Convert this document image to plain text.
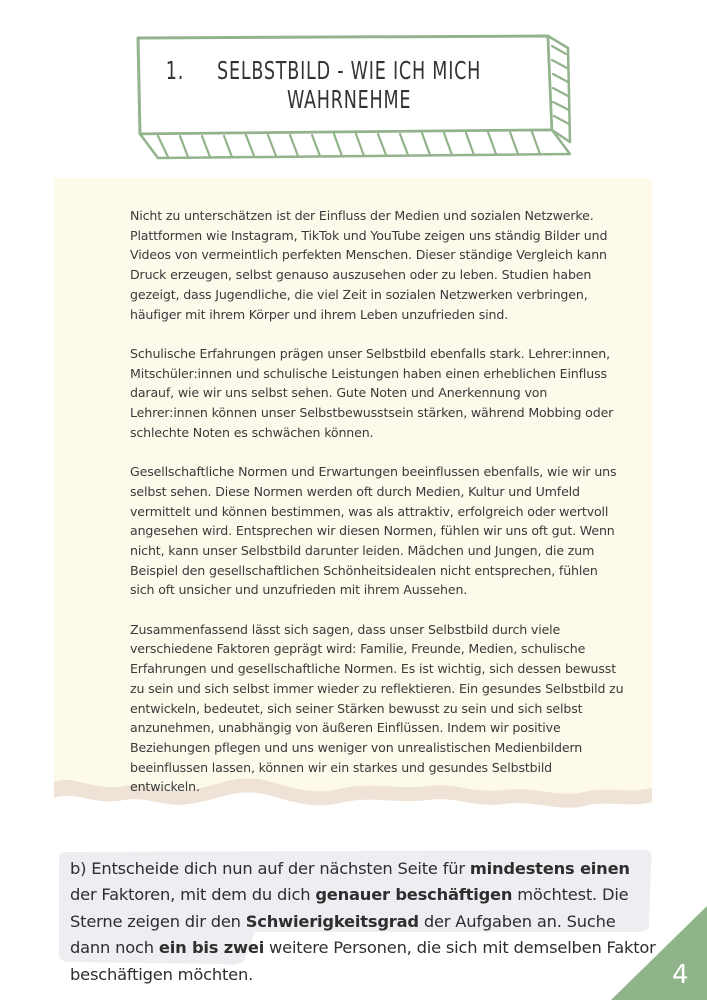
1.	SELBSTBILD - WIE ICH MICH WAHRNEHME

Nicht zu unterschätzen ist der Einfluss der Medien und sozialen Netzwerke. Plattformen wie Instagram, TikTok und YouTube zeigen uns ständig Bilder und Videos von vermeintlich perfekten Menschen. Dieser ständige Vergleich kann Druck erzeugen, selbst genauso auszusehen oder zu leben. Studien haben gezeigt, dass Jugendliche, die viel Zeit in sozialen Netzwerken verbringen, häufiger mit ihrem Körper und ihrem Leben unzufrieden sind.

Schulische Erfahrungen prägen unser Selbstbild ebenfalls stark. Lehrer:innen, Mitschüler:innen und schulische Leistungen haben einen erheblichen Einfluss darauf, wie wir uns selbst sehen. Gute Noten und Anerkennung von Lehrer:innen können unser Selbstbewusstsein stärken, während Mobbing oder schlechte Noten es schwächen können.

Gesellschaftliche Normen und Erwartungen beeinflussen ebenfalls, wie wir uns selbst sehen. Diese Normen werden oft durch Medien, Kultur und Umfeld vermittelt und können bestimmen, was als attraktiv, erfolgreich oder wertvoll angesehen wird. Entsprechen wir diesen Normen, fühlen wir uns oft gut. Wenn nicht, kann unser Selbstbild darunter leiden. Mädchen und Jungen, die zum Beispiel den gesellschaftlichen Schönheitsidealen nicht entsprechen, fühlen sich oft unsicher und unzufrieden mit ihrem Aussehen.

Zusammenfassend lässt sich sagen, dass unser Selbstbild durch viele verschiedene Faktoren geprägt wird: Familie, Freunde, Medien, schulische Erfahrungen und gesellschaftliche Normen. Es ist wichtig, sich dessen bewusst zu sein und sich selbst immer wieder zu reflektieren. Ein gesundes Selbstbild zu entwickeln, bedeutet, sich seiner Stärken bewusst zu sein und sich selbst anzunehmen, unabhängig von äußeren Einflüssen. Indem wir positive Beziehungen pflegen und uns weniger von unrealistischen Medienbildern beeinflussen lassen, können wir ein starkes und gesundes Selbstbild entwickeln.

b) Entscheide dich nun auf der nächsten Seite für mindestens einen der Faktoren, mit dem du dich genauer beschäftigen möchtest. Die Sterne zeigen dir den Schwierigkeitsgrad der Aufgaben an. Suche dann noch ein bis zwei weitere Personen, die sich mit demselben Faktor beschäftigen möchten.	4
